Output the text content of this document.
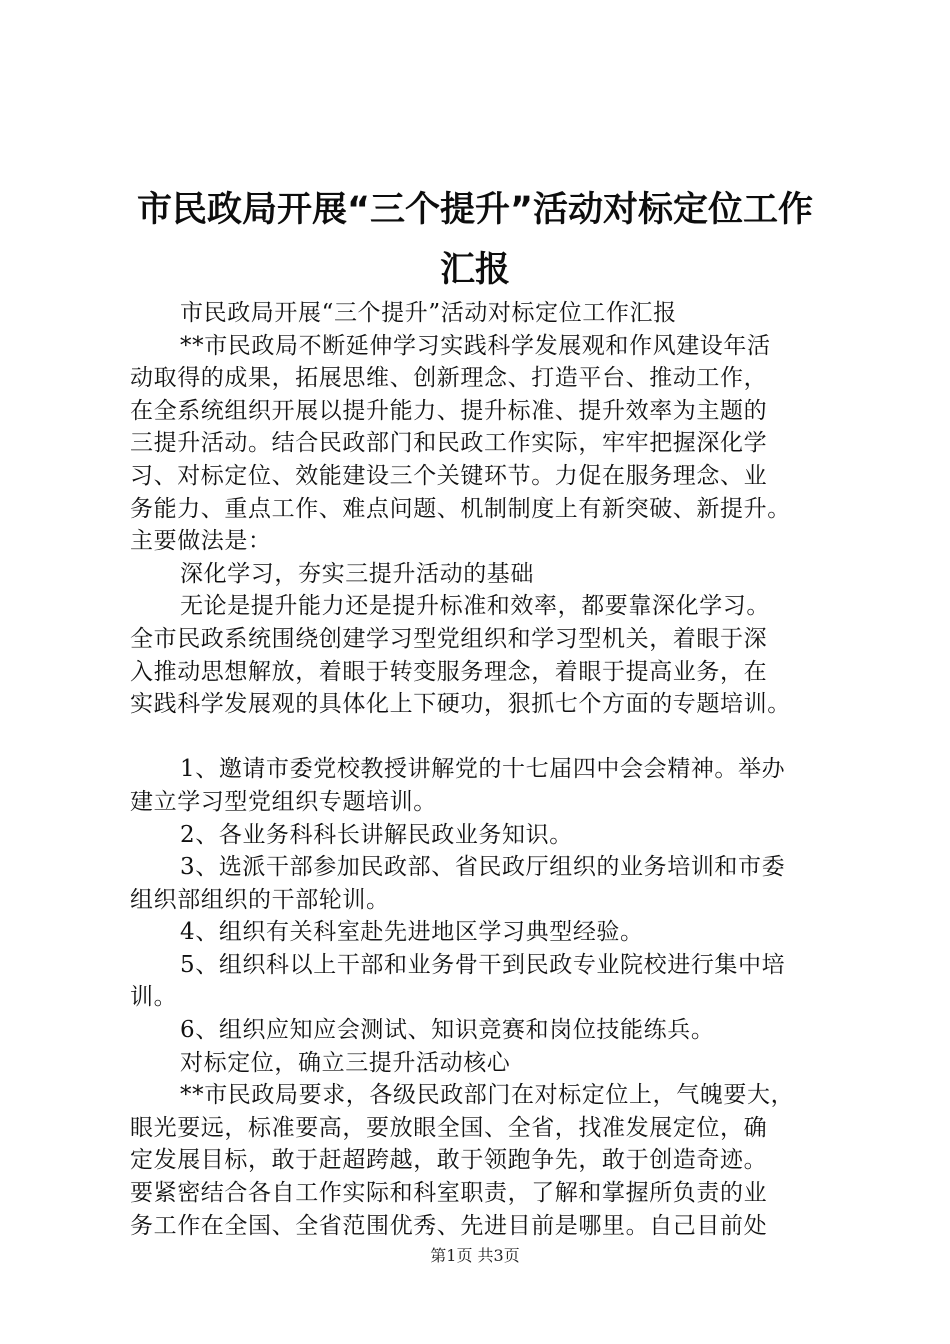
市民政局开展“三个提升”活动对标定位工作
汇报
市民政局开展“三个提升”活动对标定位工作汇报
**市民政局不断延伸学习实践科学发展观和作风建设年活
动取得的成果，拓展思维、创新理念、打造平台、推动工作，
在全系统组织开展以提升能力、提升标准、提升效率为主题的
三提升活动。结合民政部门和民政工作实际，牢牢把握深化学
习、对标定位、效能建设三个关键环节。力促在服务理念、业
务能力、重点工作、难点问题、机制制度上有新突破、新提升。
主要做法是：
深化学习，夯实三提升活动的基础
无论是提升能力还是提升标准和效率，都要靠深化学习。
全市民政系统围绕创建学习型党组织和学习型机关，着眼于深
入推动思想解放，着眼于转变服务理念，着眼于提高业务，在
实践科学发展观的具体化上下硬功，狠抓七个方面的专题培训。
1、邀请市委党校教授讲解党的十七届四中会会精神。举办
建立学习型党组织专题培训。
2、各业务科科长讲解民政业务知识。
3、选派干部参加民政部、省民政厅组织的业务培训和市委
组织部组织的干部轮训。
4、组织有关科室赴先进地区学习典型经验。
5、组织科以上干部和业务骨干到民政专业院校进行集中培
训。
6、组织应知应会测试、知识竞赛和岗位技能练兵。
对标定位，确立三提升活动核心
**市民政局要求，各级民政部门在对标定位上，气魄要大，
眼光要远，标准要高，要放眼全国、全省，找准发展定位，确
定发展目标，敢于赶超跨越，敢于领跑争先，敢于创造奇迹。
要紧密结合各自工作实际和科室职责，了解和掌握所负责的业
务工作在全国、全省范围优秀、先进目前是哪里。自己目前处
第1页 共3页
